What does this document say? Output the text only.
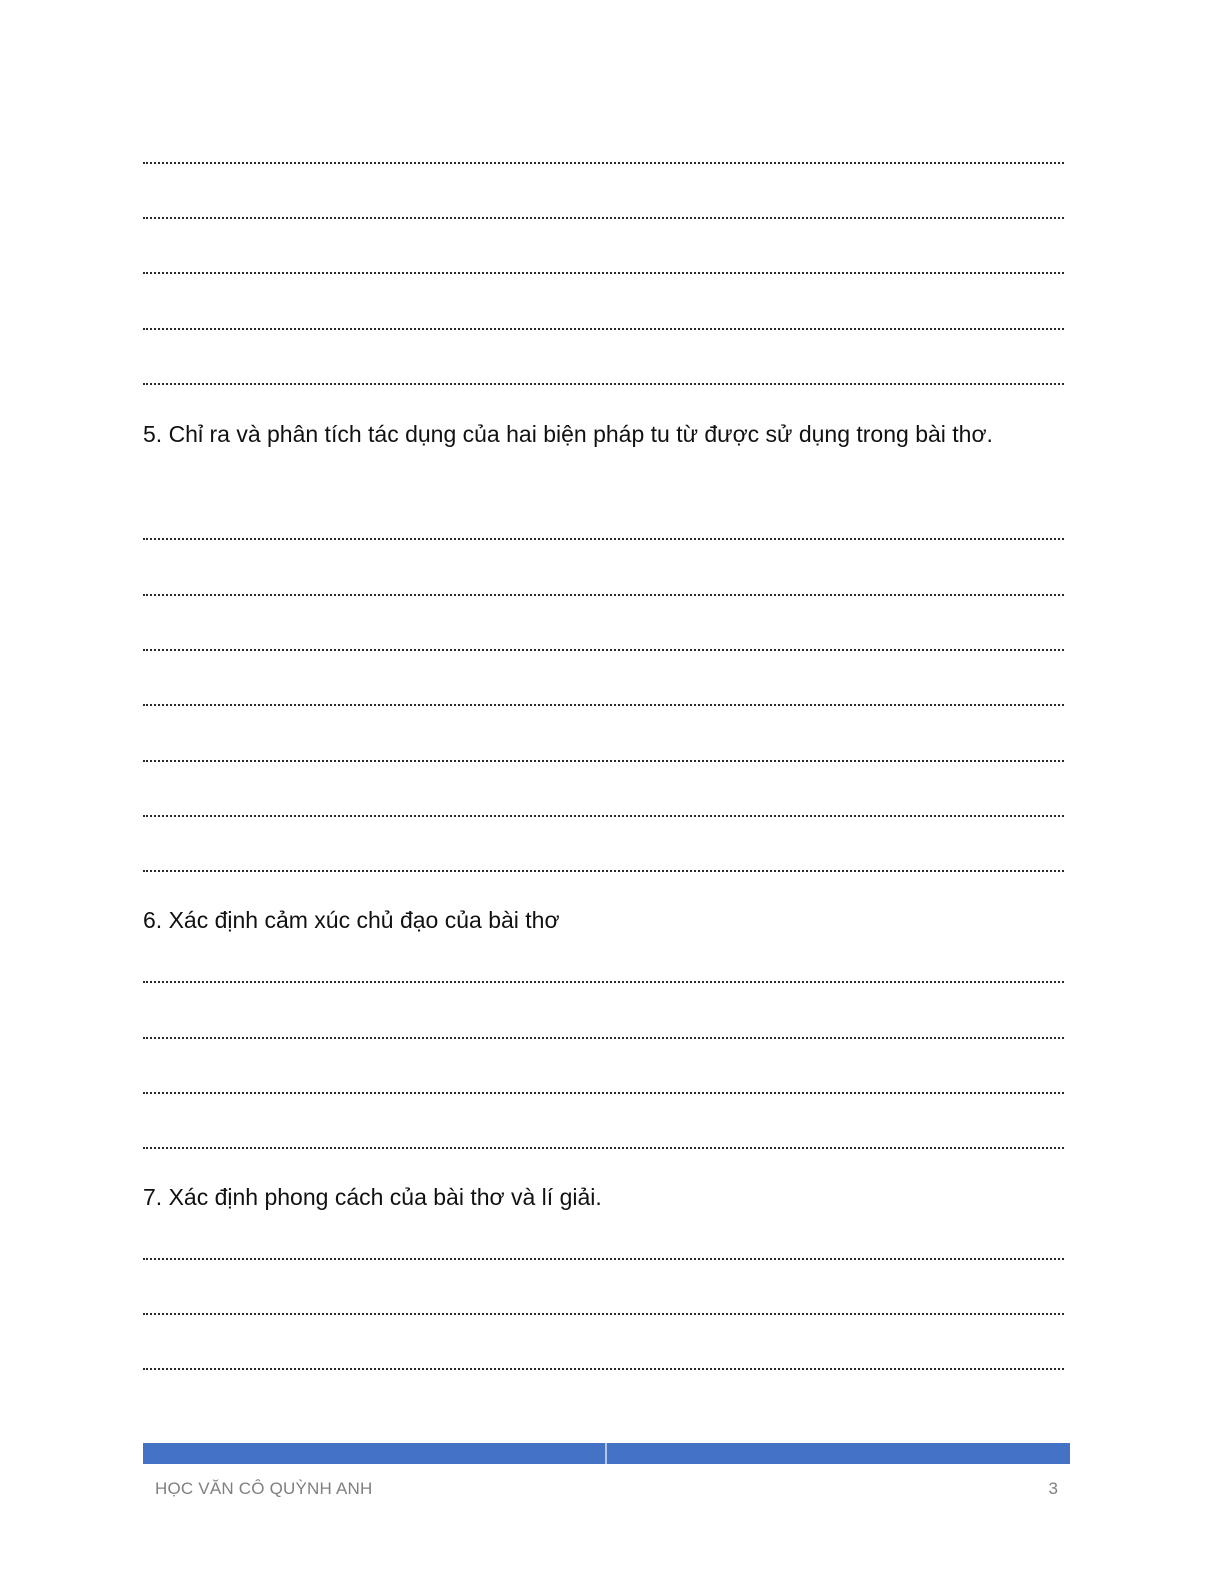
5. Chỉ ra và phân tích tác dụng của hai biện pháp tu từ được sử dụng trong bài thơ.

6. Xác định cảm xúc chủ đạo của bài thơ

7. Xác định phong cách của bài thơ và lí giải.

HỌC VĂN CÔ QUỲNH ANH	3
